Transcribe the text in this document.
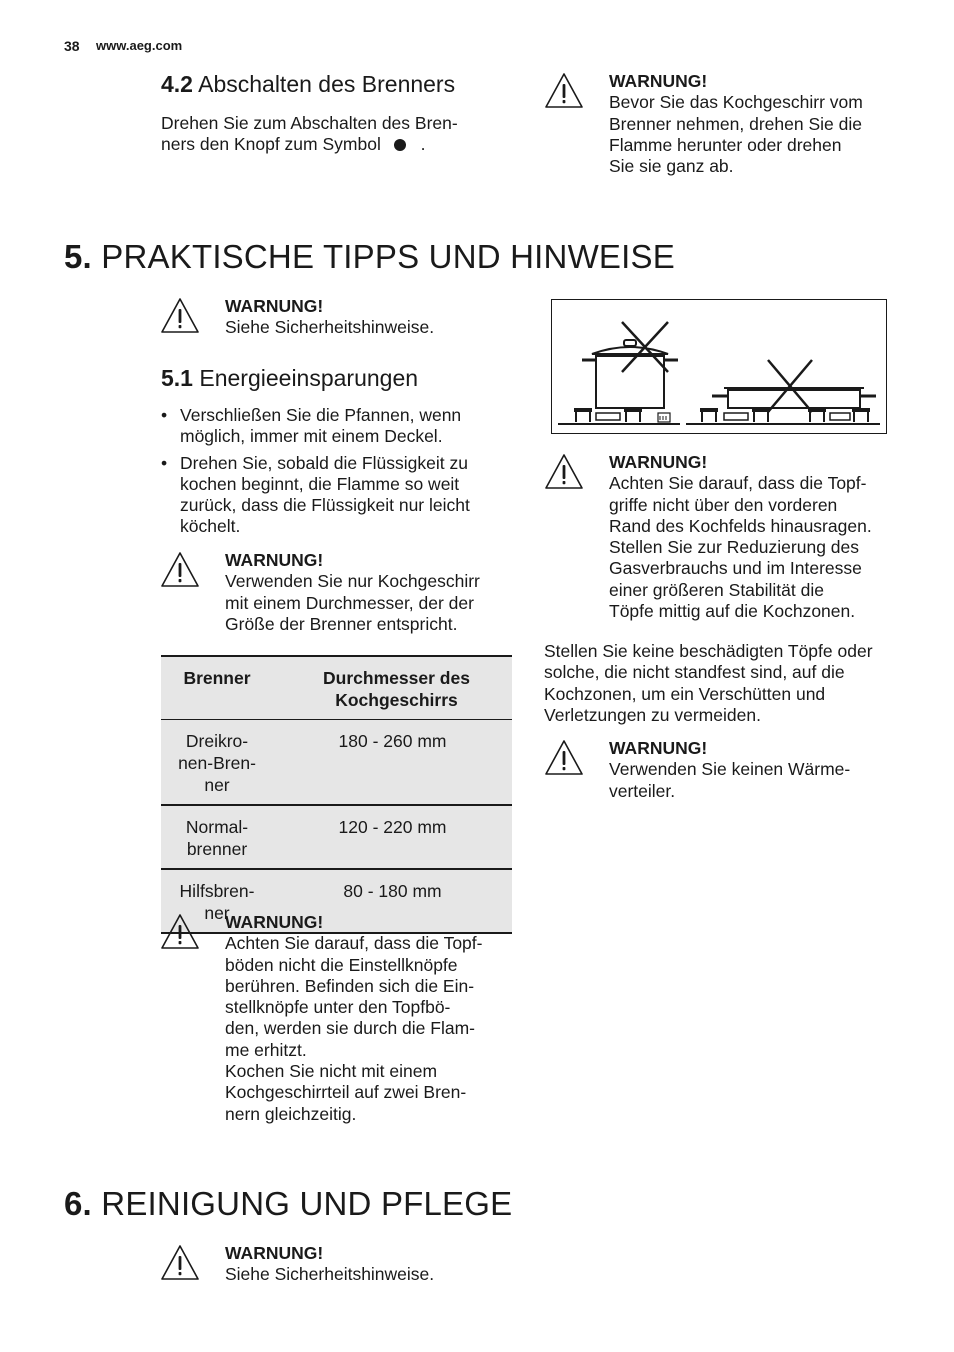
38 www.aeg.com
4.2 Abschalten des Brenners
Drehen Sie zum Abschalten des Bren-
ners den Knopf zum Symbol .
WARNUNG!
Bevor Sie das Kochgeschirr vom
Brenner nehmen, drehen Sie die
Flamme herunter oder drehen
Sie sie ganz ab.
5. PRAKTISCHE TIPPS UND HINWEISE
WARNUNG!
Siehe Sicherheitshinweise.
5.1 Energieeinsparungen
• Verschließen Sie die Pfannen, wenn möglich, immer mit einem Deckel.
• Drehen Sie, sobald die Flüssigkeit zu kochen beginnt, die Flamme so weit zurück, dass die Flüssigkeit nur leicht köchelt.
WARNUNG!
Verwenden Sie nur Kochgeschirr
mit einem Durchmesser, der der
Größe der Brenner entspricht.
Brenner	Durchmesser des Kochgeschirrs

Dreikro-nen-Bren-ner	180 - 260 mm

Normal-brenner	120 - 220 mm

Hilfsbren-ner	80 - 180 mm
WARNUNG!
Achten Sie darauf, dass die Topf-
böden nicht die Einstellknöpfe
berühren. Befinden sich die Ein-
stellknöpfe unter den Topfbö-
den, werden sie durch die Flam-
me erhitzt.
Kochen Sie nicht mit einem
Kochgeschirrteil auf zwei Bren-
nern gleichzeitig.
WARNUNG!
Achten Sie darauf, dass die Topf-
griffe nicht über den vorderen
Rand des Kochfelds hinausragen.
Stellen Sie zur Reduzierung des
Gasverbrauchs und im Interesse
einer größeren Stabilität die
Töpfe mittig auf die Kochzonen.
Stellen Sie keine beschädigten Töpfe oder solche, die nicht standfest sind, auf die Kochzonen, um ein Verschütten und Verletzungen zu vermeiden.
WARNUNG!
Verwenden Sie keinen Wärme-
verteiler.
6. REINIGUNG UND PFLEGE
WARNUNG!
Siehe Sicherheitshinweise.
